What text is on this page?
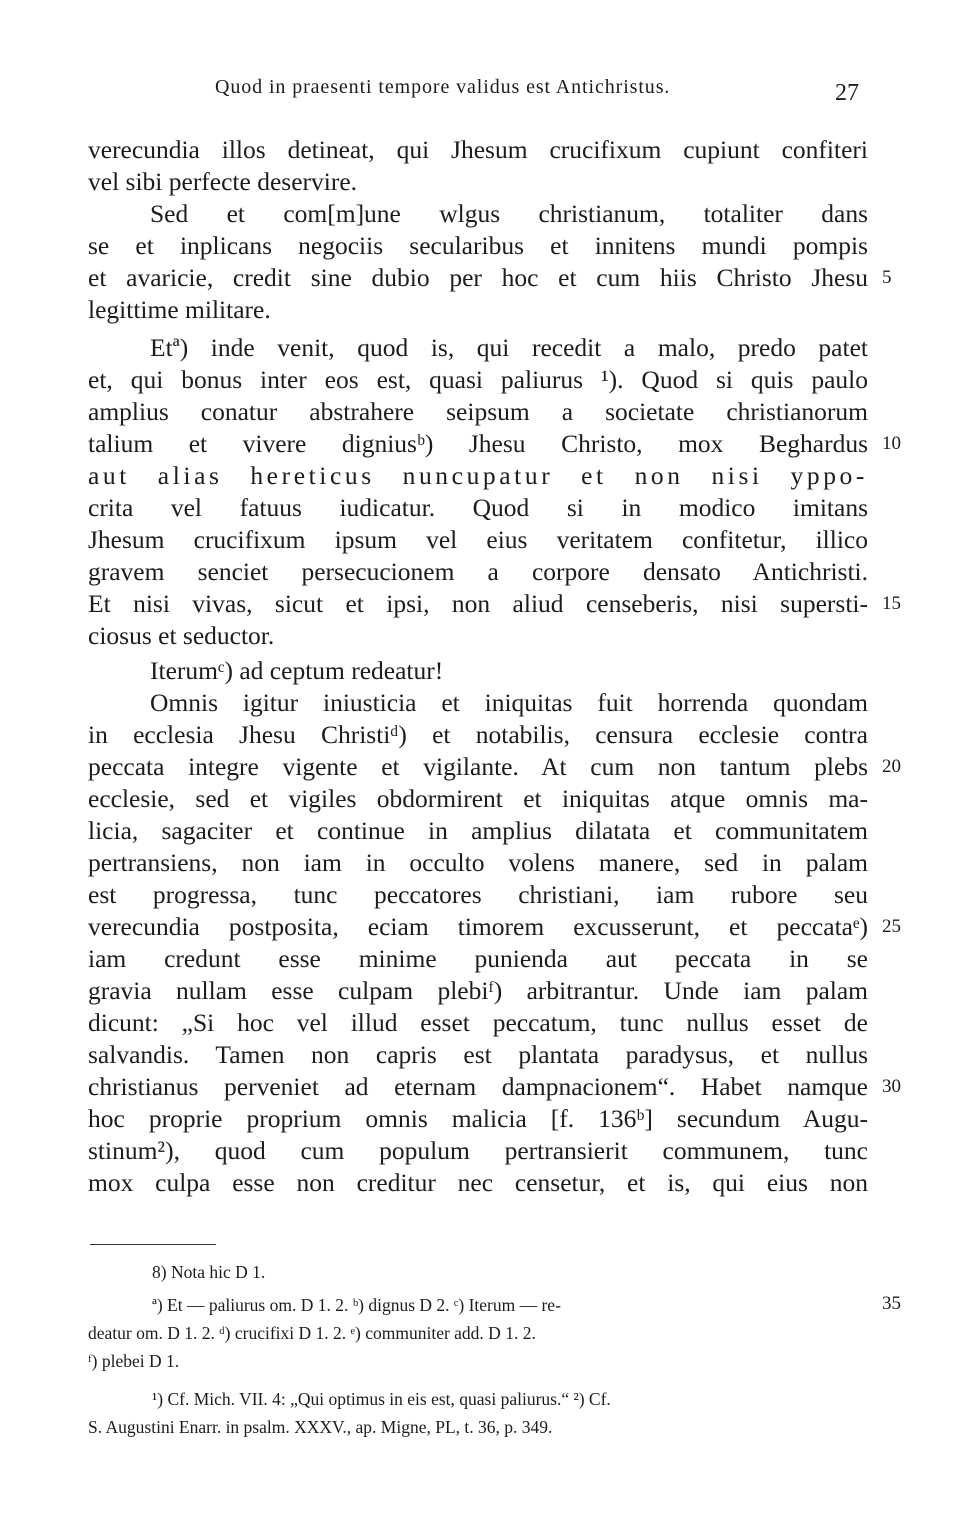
Quod in praesenti tempore validus est Antichristus.	27
verecundia illos detineat, qui Jhesum crucifixum cupiunt confiteri
vel sibi perfecte deservire.
Sed et com[m]une wlgus christianum, totaliter dans
se et inplicans negociis secularibus et innitens mundi pompis
et avaricie, credit sine dubio per hoc et cum hiis Christo Jhesu
legittime militare.
Etª) inde venit, quod is, qui recedit a malo, predo patet
et, qui bonus inter eos est, quasi paliurus ¹). Quod si quis paulo
amplius conatur abstrahere seipsum a societate christianorum
talium et vivere digniusᵇ) Jhesu Christo, mox Beghardus
aut alias hereticus nuncupatur et non nisi yppo-
crita vel fatuus iudicatur. Quod si in modico imitans
Jhesum crucifixum ipsum vel eius veritatem confitetur, illico
gravem senciet persecucionem a corpore densato Antichristi.
Et nisi vivas, sicut et ipsi, non aliud censeberis, nisi supersti-
ciosus et seductor.
Iterumᶜ) ad ceptum redeatur!
Omnis igitur iniusticia et iniquitas fuit horrenda quondam
in ecclesia Jhesu Christiᵈ) et notabilis, censura ecclesie contra
peccata integre vigente et vigilante. At cum non tantum plebs
ecclesie, sed et vigiles obdormirent et iniquitas atque omnis ma-
licia, sagaciter et continue in amplius dilatata et communitatem
pertransiens, non iam in occulto volens manere, sed in palam
est progressa, tunc peccatores christiani, iam rubore seu
verecundia postposita, eciam timorem excusserunt, et peccataᵉ)
iam credunt esse minime punienda aut peccata in se
gravia nullam esse culpam plebiᶠ) arbitrantur. Unde iam palam
dicunt: „Si hoc vel illud esset peccatum, tunc nullus esset de
salvandis. Tamen non capris est plantata paradysus, et nullus
christianus perveniet ad eternam dampnacionem“. Habet namque
hoc proprie proprium omnis malicia [f. 136ᵇ] secundum Augu-
stinum²), quod cum populum pertransierit communem, tunc
mox culpa esse non creditur nec censetur, et is, qui eius non
5
10
15
20
25
30
8) Nota hic D 1.
ª) Et — paliurus om. D 1. 2. ᵇ) dignus D 2. ᶜ) Iterum — re-
deatur om. D 1. 2. ᵈ) crucifixi D 1. 2. ᵉ) communiter add. D 1. 2.
ᶠ) plebei D 1.
35
¹) Cf. Mich. VII. 4: „Qui optimus in eis est, quasi paliurus.“ ²) Cf.
S. Augustini Enarr. in psalm. XXXV., ap. Migne, PL, t. 36, p. 349.
